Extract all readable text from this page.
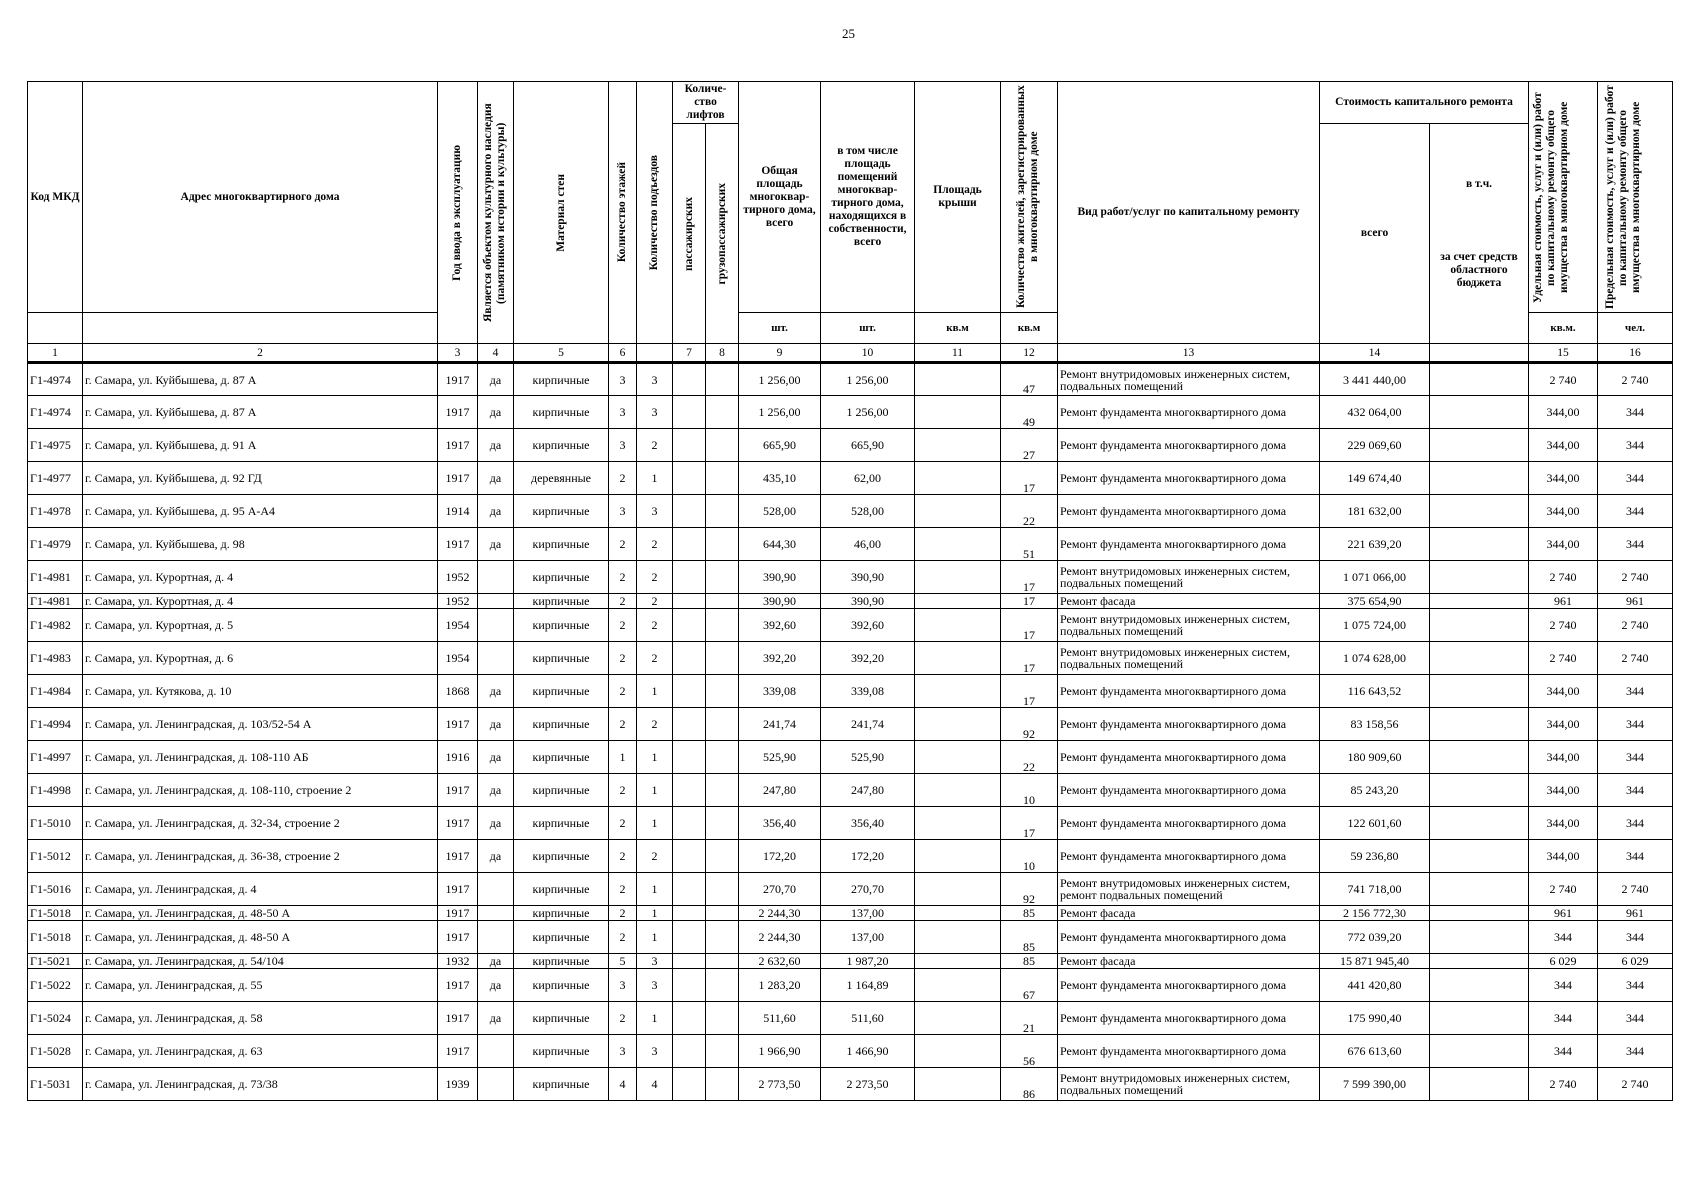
25
Код МКД	Адрес многоквартирного дома	Год ввода в эксплуатацию	Является объектом культурного наследия (памятником истории и культуры)	Материал стен	Количество этажей	Количество подъездов	Количе-ство лифтов		Общая площадь многоквар-тирного дома, всего	в том числе площадь помещений многоквар-тирного дома, находящихся в собственности, всего	Площадь крыши	Количество жителей, зарегистрированных в многоквартирном доме	Вид работ/услуг по капитальному ремонту	Стоимость капитального ремонта		Удельная стоимость, услуг и (или) работ по капитальному ремонту общего имущества в многоквартирном доме	Предельная стоимость, услуг и (или) работ по капитальному ремонту общего имущества в многоквартирном доме

							пассажирских	грузопассажирских						всего	в т.ч.
за счет средств областного бюджета		

									шт.	шт.	кв.м	кв.м				кв.м.	чел.
1	2	3	4	5	6		7	8	9	10	11	12	13	14		15	16
Г1-4974	г. Самара, ул. Куйбышева, д. 87 А	1917	да	кирпичные	3	3			1 256,00	1 256,00		47	Ремонт внутридомовых инженерных систем, подвальных помещений	3 441 440,00		2 740	2 740
Г1-4974	г. Самара, ул. Куйбышева, д. 87 А	1917	да	кирпичные	3	3			1 256,00	1 256,00		49	Ремонт фундамента многоквартирного дома	432 064,00		344,00	344
Г1-4975	г. Самара, ул. Куйбышева, д. 91 А	1917	да	кирпичные	3	2			665,90	665,90		27	Ремонт фундамента многоквартирного дома	229 069,60		344,00	344
Г1-4977	г. Самара, ул. Куйбышева, д. 92 ГД	1917	да	деревянные	2	1			435,10	62,00		17	Ремонт фундамента многоквартирного дома	149 674,40		344,00	344
Г1-4978	г. Самара, ул. Куйбышева, д. 95 А-А4	1914	да	кирпичные	3	3			528,00	528,00		22	Ремонт фундамента многоквартирного дома	181 632,00		344,00	344
Г1-4979	г. Самара, ул. Куйбышева, д. 98	1917	да	кирпичные	2	2			644,30	46,00		51	Ремонт фундамента многоквартирного дома	221 639,20		344,00	344
Г1-4981	г. Самара, ул. Курортная, д. 4	1952		кирпичные	2	2			390,90	390,90		17	Ремонт внутридомовых инженерных систем, подвальных помещений	1 071 066,00		2 740	2 740
Г1-4981	г. Самара, ул. Курортная, д. 4	1952		кирпичные	2	2			390,90	390,90		17	Ремонт фасада	375 654,90		961	961
Г1-4982	г. Самара, ул. Курортная, д. 5	1954		кирпичные	2	2			392,60	392,60		17	Ремонт внутридомовых инженерных систем, подвальных помещений	1 075 724,00		2 740	2 740
Г1-4983	г. Самара, ул. Курортная, д. 6	1954		кирпичные	2	2			392,20	392,20		17	Ремонт внутридомовых инженерных систем, подвальных помещений	1 074 628,00		2 740	2 740
Г1-4984	г. Самара, ул. Кутякова, д. 10	1868	да	кирпичные	2	1			339,08	339,08		17	Ремонт фундамента многоквартирного дома	116 643,52		344,00	344
Г1-4994	г. Самара, ул. Ленинградская, д. 103/52-54 А	1917	да	кирпичные	2	2			241,74	241,74		92	Ремонт фундамента многоквартирного дома	83 158,56		344,00	344
Г1-4997	г. Самара, ул. Ленинградская, д. 108-110 АБ	1916	да	кирпичные	1	1			525,90	525,90		22	Ремонт фундамента многоквартирного дома	180 909,60		344,00	344
Г1-4998	г. Самара, ул. Ленинградская, д. 108-110, строение 2	1917	да	кирпичные	2	1			247,80	247,80		10	Ремонт фундамента многоквартирного дома	85 243,20		344,00	344
Г1-5010	г. Самара, ул. Ленинградская, д. 32-34, строение 2	1917	да	кирпичные	2	1			356,40	356,40		17	Ремонт фундамента многоквартирного дома	122 601,60		344,00	344
Г1-5012	г. Самара, ул. Ленинградская, д. 36-38, строение 2	1917	да	кирпичные	2	2			172,20	172,20		10	Ремонт фундамента многоквартирного дома	59 236,80		344,00	344
Г1-5016	г. Самара, ул. Ленинградская, д. 4	1917		кирпичные	2	1			270,70	270,70		92	Ремонт внутридомовых инженерных систем, ремонт подвальных помещений	741 718,00		2 740	2 740
Г1-5018	г. Самара, ул. Ленинградская, д. 48-50 А	1917		кирпичные	2	1			2 244,30	137,00		85	Ремонт фасада	2 156 772,30		961	961
Г1-5018	г. Самара, ул. Ленинградская, д. 48-50 А	1917		кирпичные	2	1			2 244,30	137,00		85	Ремонт фундамента многоквартирного дома	772 039,20		344	344
Г1-5021	г. Самара, ул. Ленинградская, д. 54/104	1932	да	кирпичные	5	3			2 632,60	1 987,20		85	Ремонт фасада	15 871 945,40		6 029	6 029
Г1-5022	г. Самара, ул. Ленинградская, д. 55	1917	да	кирпичные	3	3			1 283,20	1 164,89		67	Ремонт фундамента многоквартирного дома	441 420,80		344	344
Г1-5024	г. Самара, ул. Ленинградская, д. 58	1917	да	кирпичные	2	1			511,60	511,60		21	Ремонт фундамента многоквартирного дома	175 990,40		344	344
Г1-5028	г. Самара, ул. Ленинградская, д. 63	1917		кирпичные	3	3			1 966,90	1 466,90		56	Ремонт фундамента многоквартирного дома	676 613,60		344	344
Г1-5031	г. Самара, ул. Ленинградская, д. 73/38	1939		кирпичные	4	4			2 773,50	2 273,50		86	Ремонт внутридомовых инженерных систем, подвальных помещений	7 599 390,00		2 740	2 740
